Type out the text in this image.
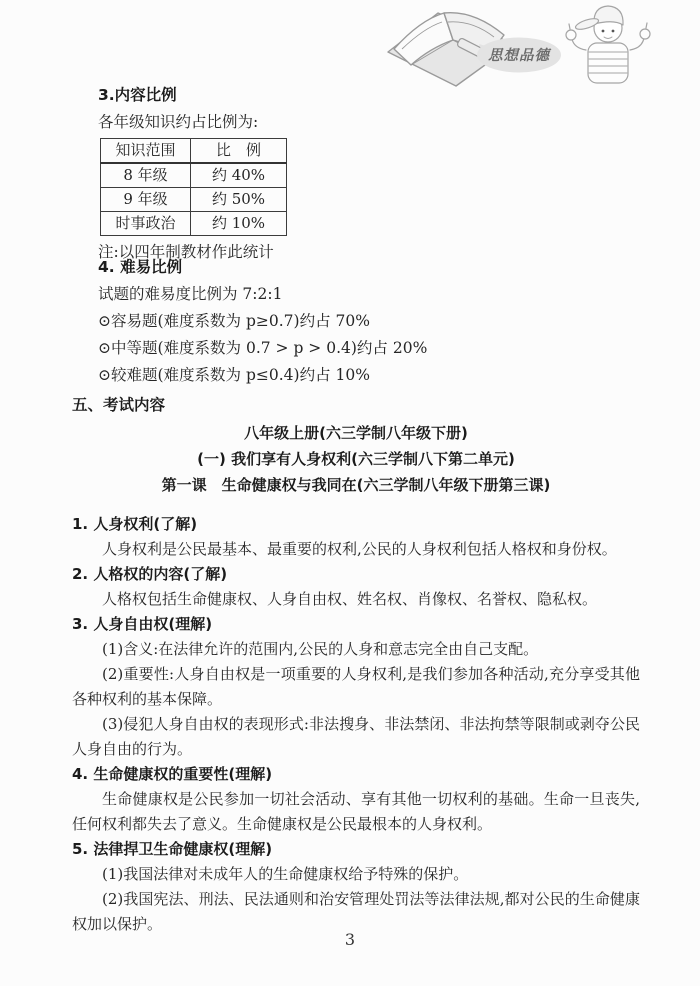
思想品德
3.内容比例

各年级知识约占比例为:

知识范围	比　例
8 年级	约 40%
9 年级	约 50%
时事政治	约 10%

注:以四年制教材作此统计

4. 难易比例

试题的难易度比例为 7:2:1

⊙容易题(难度系数为 p≥0.7)约占 70%

⊙中等题(难度系数为 0.7 > p > 0.4)约占 20%

⊙较难题(难度系数为 p≤0.4)约占 10%

五、考试内容

八年级上册(六三学制八年级下册)

(一) 我们享有人身权利(六三学制八下第二单元)

第一课　生命健康权与我同在(六三学制八年级下册第三课)

1. 人身权利(了解)

人身权利是公民最基本、最重要的权利,公民的人身权利包括人格权和身份权。

2. 人格权的内容(了解)

人格权包括生命健康权、人身自由权、姓名权、肖像权、名誉权、隐私权。

3. 人身自由权(理解)

(1)含义:在法律允许的范围内,公民的人身和意志完全由自己支配。

(2)重要性:人身自由权是一项重要的人身权利,是我们参加各种活动,充分享受其他各种权利的基本保障。

(3)侵犯人身自由权的表现形式:非法搜身、非法禁闭、非法拘禁等限制或剥夺公民人身自由的行为。

4. 生命健康权的重要性(理解)

生命健康权是公民参加一切社会活动、享有其他一切权利的基础。生命一旦丧失,任何权利都失去了意义。生命健康权是公民最根本的人身权利。

5. 法律捍卫生命健康权(理解)

(1)我国法律对未成年人的生命健康权给予特殊的保护。

(2)我国宪法、刑法、民法通则和治安管理处罚法等法律法规,都对公民的生命健康权加以保护。

3
